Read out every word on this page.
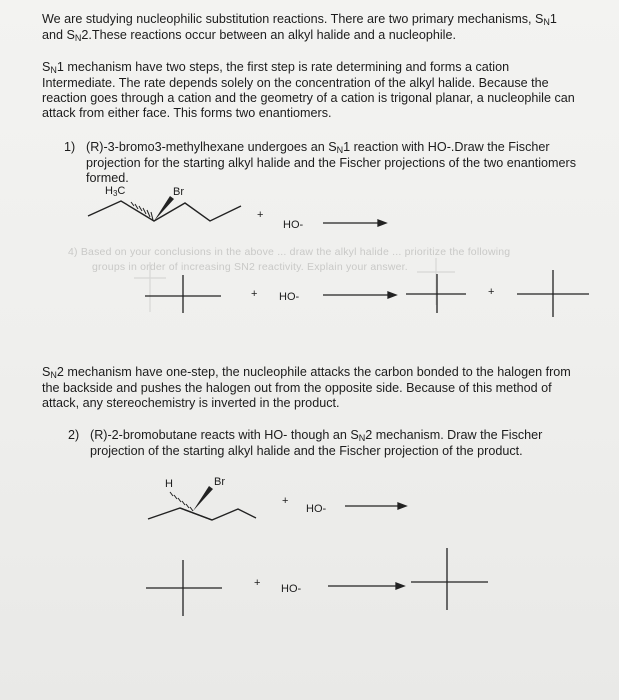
We are studying nucleophilic substitution reactions. There are two primary mechanisms, SN1

and SN2.These reactions occur between an alkyl halide and a nucleophile.

SN1 mechanism have two steps, the first step is rate determining and forms a cation

Intermediate. The rate depends solely on the concentration of the alkyl halide. Because the

reaction goes through a cation and the geometry of a cation is trigonal planar, a nucleophile can

attack from either face. This forms two enantiomers.

1) (R)-3-bromo3-methylhexane undergoes an SN1 reaction with HO-.Draw the Fischer
projection for the starting alkyl halide and the Fischer projections of the two enantiomers
formed.
4) Based on your conclusions in the above ... draw the alkyl halide ... prioritize the following
groups in order of increasing SN2 reactivity. Explain your answer.
H3C	Br
+
HO-
+ HO-	+

SN2 mechanism have one-step, the nucleophile attacks the carbon bonded to the halogen from

the backside and pushes the halogen out from the opposite side. Because of this method of

attack, any stereochemistry is inverted in the product.

2) (R)-2-bromobutane reacts with HO- though an SN2 mechanism. Draw the Fischer
projection of the starting alkyl halide and the Fischer projection of the product.
H	Br
+
HO-
+ HO-
